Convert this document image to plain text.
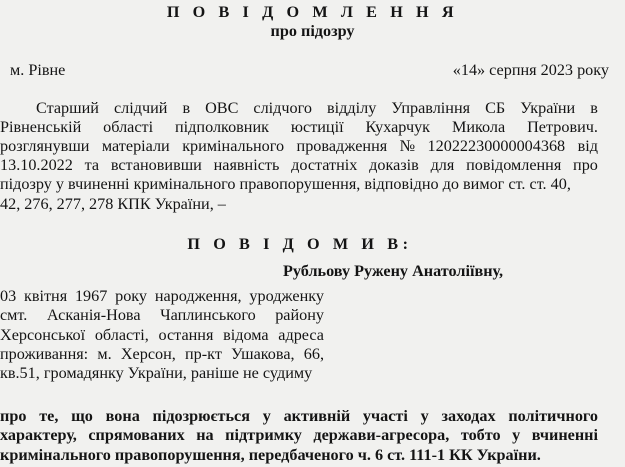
П О В І Д О М Л Е Н Н Я
про підозру
м. Рівне	«14» серпня 2023 року
Старший слідчий в ОВС слідчого відділу Управління СБ України в
Рівненській області підполковник юстиції Кухарчук Микола Петрович.
розглянувши матеріали кримінального провадження № 12022230000004368 від
13.10.2022 та встановивши наявність достатніх доказів для повідомлення про
підозру у вчиненні кримінального правопорушення, відповідно до вимог ст. ст. 40,
42, 276, 277, 278 КПК України, –
П О В І Д О М И В:
Рубльову Ружену Анатоліївну,
03 квітня 1967 року народження, уродженку
смт. Асканія-Нова Чаплинського району
Херсонської області, остання відома адреса
проживання: м. Херсон, пр-кт Ушакова, 66,
кв.51, громадянку України, раніше не судиму
про те, що вона підозрюється у активній участі у заходах політичного
характеру, спрямованих на підтримку держави-агресора, тобто у вчиненні
кримінального правопорушення, передбаченого ч. 6 ст. 111-1 КК України.
